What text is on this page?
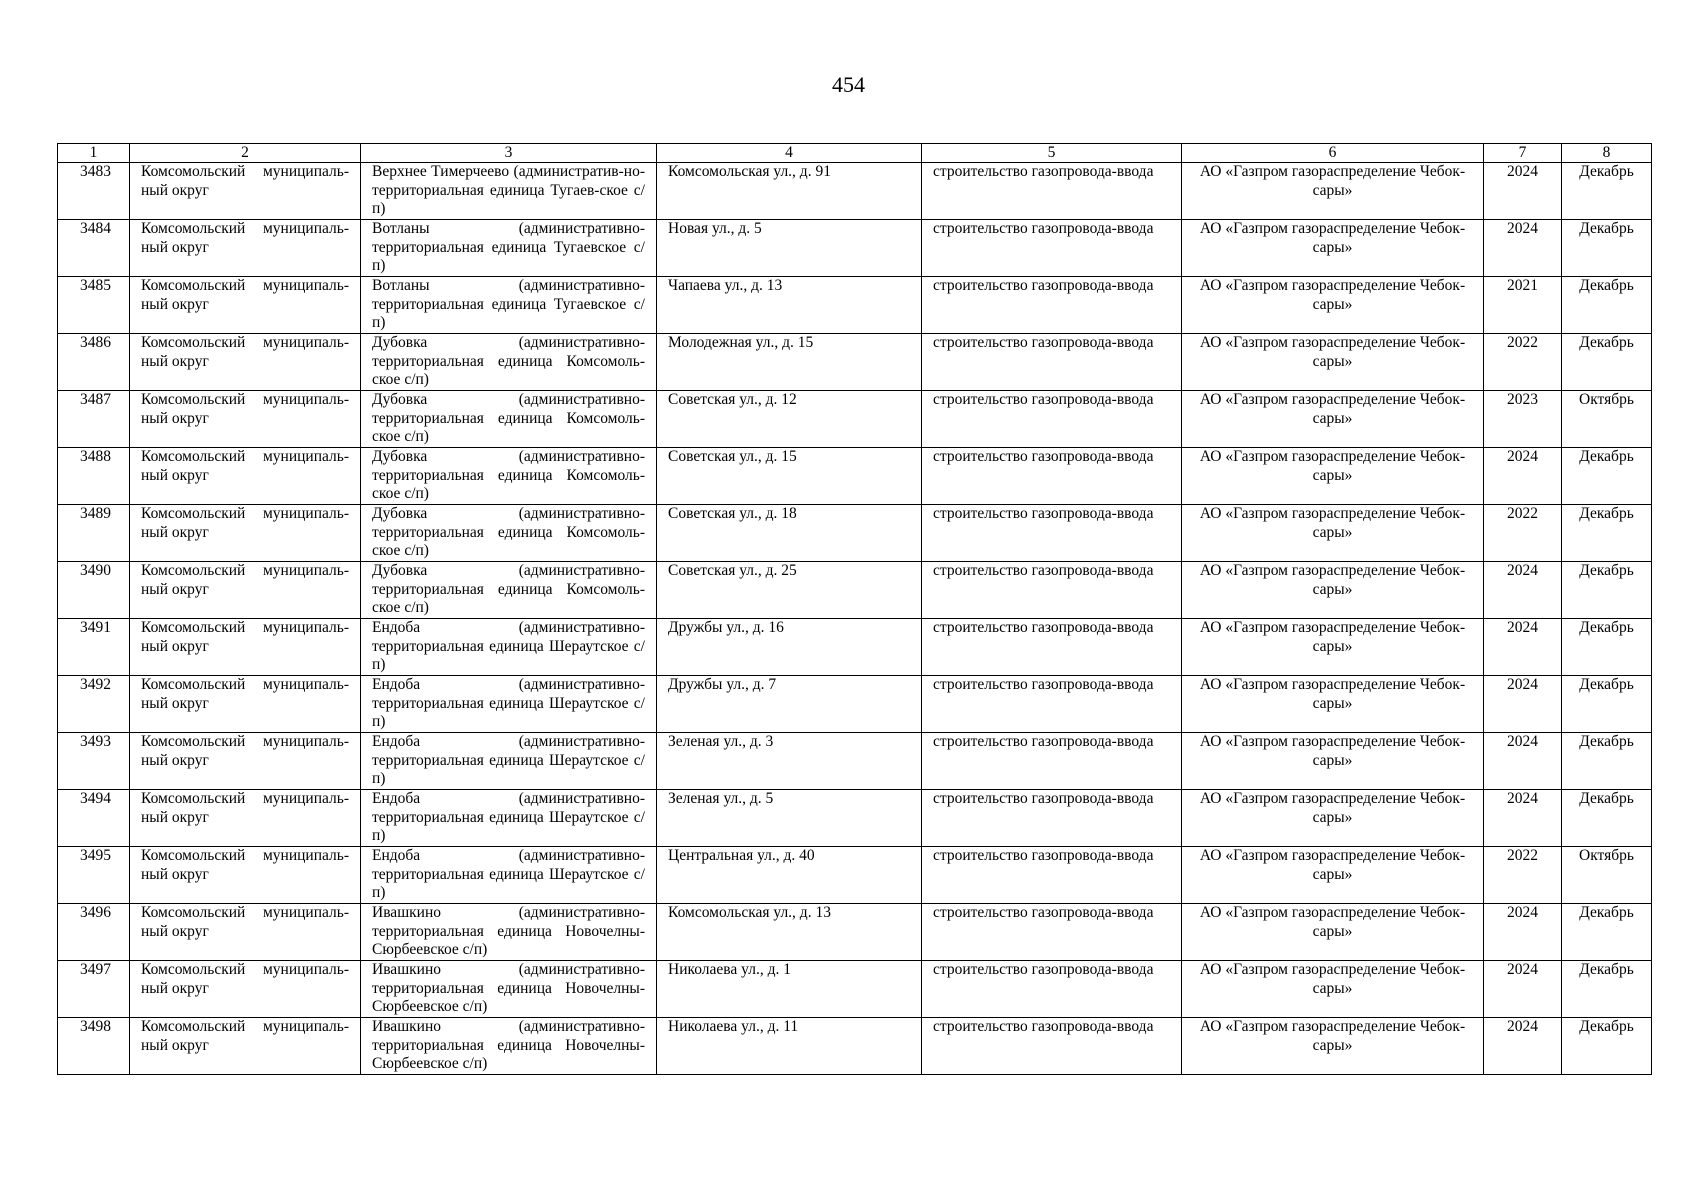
454
1	2	3	4	5	6	7	8
3483	Комсомольский муниципаль-ный округ	Верхнее Тимерчеево (административ-но-территориальная единица Тугаев-ское с/п)	Комсомольская ул., д. 91	строительство газопровода-ввода	АО «Газпром газораспределение Чебок-сары»	2024	Декабрь
3484	Комсомольский муниципаль-ный округ	Вотланы (административно-территориальная единица Тугаевское с/п)	Новая ул., д. 5	строительство газопровода-ввода	АО «Газпром газораспределение Чебок-сары»	2024	Декабрь
3485	Комсомольский муниципаль-ный округ	Вотланы (административно-территориальная единица Тугаевское с/п)	Чапаева ул., д. 13	строительство газопровода-ввода	АО «Газпром газораспределение Чебок-сары»	2021	Декабрь
3486	Комсомольский муниципаль-ный округ	Дубовка (административно-территориальная единица Комсомоль-ское с/п)	Молодежная ул., д. 15	строительство газопровода-ввода	АО «Газпром газораспределение Чебок-сары»	2022	Декабрь
3487	Комсомольский муниципаль-ный округ	Дубовка (административно-территориальная единица Комсомоль-ское с/п)	Советская ул., д. 12	строительство газопровода-ввода	АО «Газпром газораспределение Чебок-сары»	2023	Октябрь
3488	Комсомольский муниципаль-ный округ	Дубовка (административно-территориальная единица Комсомоль-ское с/п)	Советская ул., д. 15	строительство газопровода-ввода	АО «Газпром газораспределение Чебок-сары»	2024	Декабрь
3489	Комсомольский муниципаль-ный округ	Дубовка (административно-территориальная единица Комсомоль-ское с/п)	Советская ул., д. 18	строительство газопровода-ввода	АО «Газпром газораспределение Чебок-сары»	2022	Декабрь
3490	Комсомольский муниципаль-ный округ	Дубовка (административно-территориальная единица Комсомоль-ское с/п)	Советская ул., д. 25	строительство газопровода-ввода	АО «Газпром газораспределение Чебок-сары»	2024	Декабрь
3491	Комсомольский муниципаль-ный округ	Ендоба (административно-территориальная единица Шераутское с/п)	Дружбы ул., д. 16	строительство газопровода-ввода	АО «Газпром газораспределение Чебок-сары»	2024	Декабрь
3492	Комсомольский муниципаль-ный округ	Ендоба (административно-территориальная единица Шераутское с/п)	Дружбы ул., д. 7	строительство газопровода-ввода	АО «Газпром газораспределение Чебок-сары»	2024	Декабрь
3493	Комсомольский муниципаль-ный округ	Ендоба (административно-территориальная единица Шераутское с/п)	Зеленая ул., д. 3	строительство газопровода-ввода	АО «Газпром газораспределение Чебок-сары»	2024	Декабрь
3494	Комсомольский муниципаль-ный округ	Ендоба (административно-территориальная единица Шераутское с/п)	Зеленая ул., д. 5	строительство газопровода-ввода	АО «Газпром газораспределение Чебок-сары»	2024	Декабрь
3495	Комсомольский муниципаль-ный округ	Ендоба (административно-территориальная единица Шераутское с/п)	Центральная ул., д. 40	строительство газопровода-ввода	АО «Газпром газораспределение Чебок-сары»	2022	Октябрь
3496	Комсомольский муниципаль-ный округ	Ивашкино (административно-территориальная единица Новочелны-Сюрбеевское с/п)	Комсомольская ул., д. 13	строительство газопровода-ввода	АО «Газпром газораспределение Чебок-сары»	2024	Декабрь
3497	Комсомольский муниципаль-ный округ	Ивашкино (административно-территориальная единица Новочелны-Сюрбеевское с/п)	Николаева ул., д. 1	строительство газопровода-ввода	АО «Газпром газораспределение Чебок-сары»	2024	Декабрь
3498	Комсомольский муниципаль-ный округ	Ивашкино (административно-территориальная единица Новочелны-Сюрбеевское с/п)	Николаева ул., д. 11	строительство газопровода-ввода	АО «Газпром газораспределение Чебок-сары»	2024	Декабрь
